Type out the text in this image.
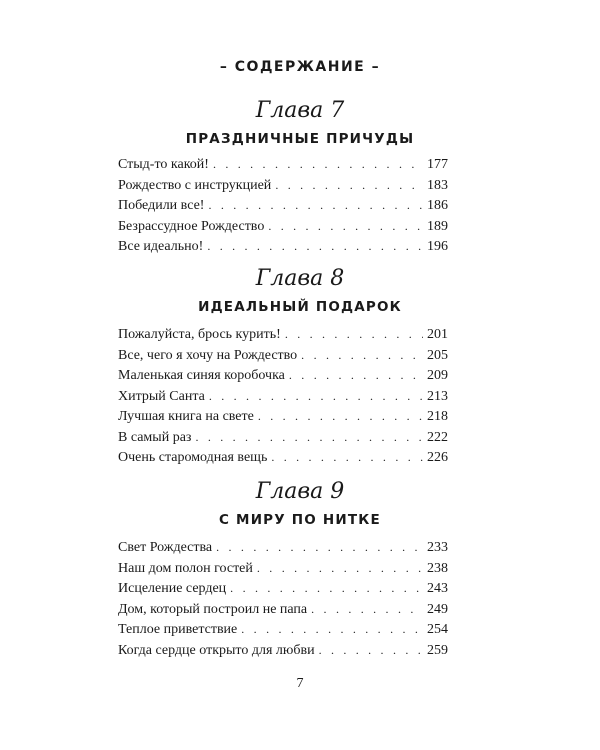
– СОДЕРЖАНИЕ –
Глава 7
ПРАЗДНИЧНЫЕ ПРИЧУДЫ
Стыд-то какой! . . .	177
Рождество с инструкцией . . .	183
Победили все! . . .	186
Безрассудное Рождество . . .	189
Все идеально! . . .	196
Глава 8
ИДЕАЛЬНЫЙ ПОДАРОК
Пожалуйста, брось курить! . . .	201
Все, чего я хочу на Рождество . . .	205
Маленькая синяя коробочка . . .	209
Хитрый Санта . . .	213
Лучшая книга на свете . . .	218
В самый раз . . .	222
Очень старомодная вещь . . .	226
Глава 9
С МИРУ ПО НИТКЕ
Свет Рождества . . .	233
Наш дом полон гостей . . .	238
Исцеление сердец . . .	243
Дом, который построил не папа . . .	249
Теплое приветствие . . .	254
Когда сердце открыто для любви . . .	259
7
